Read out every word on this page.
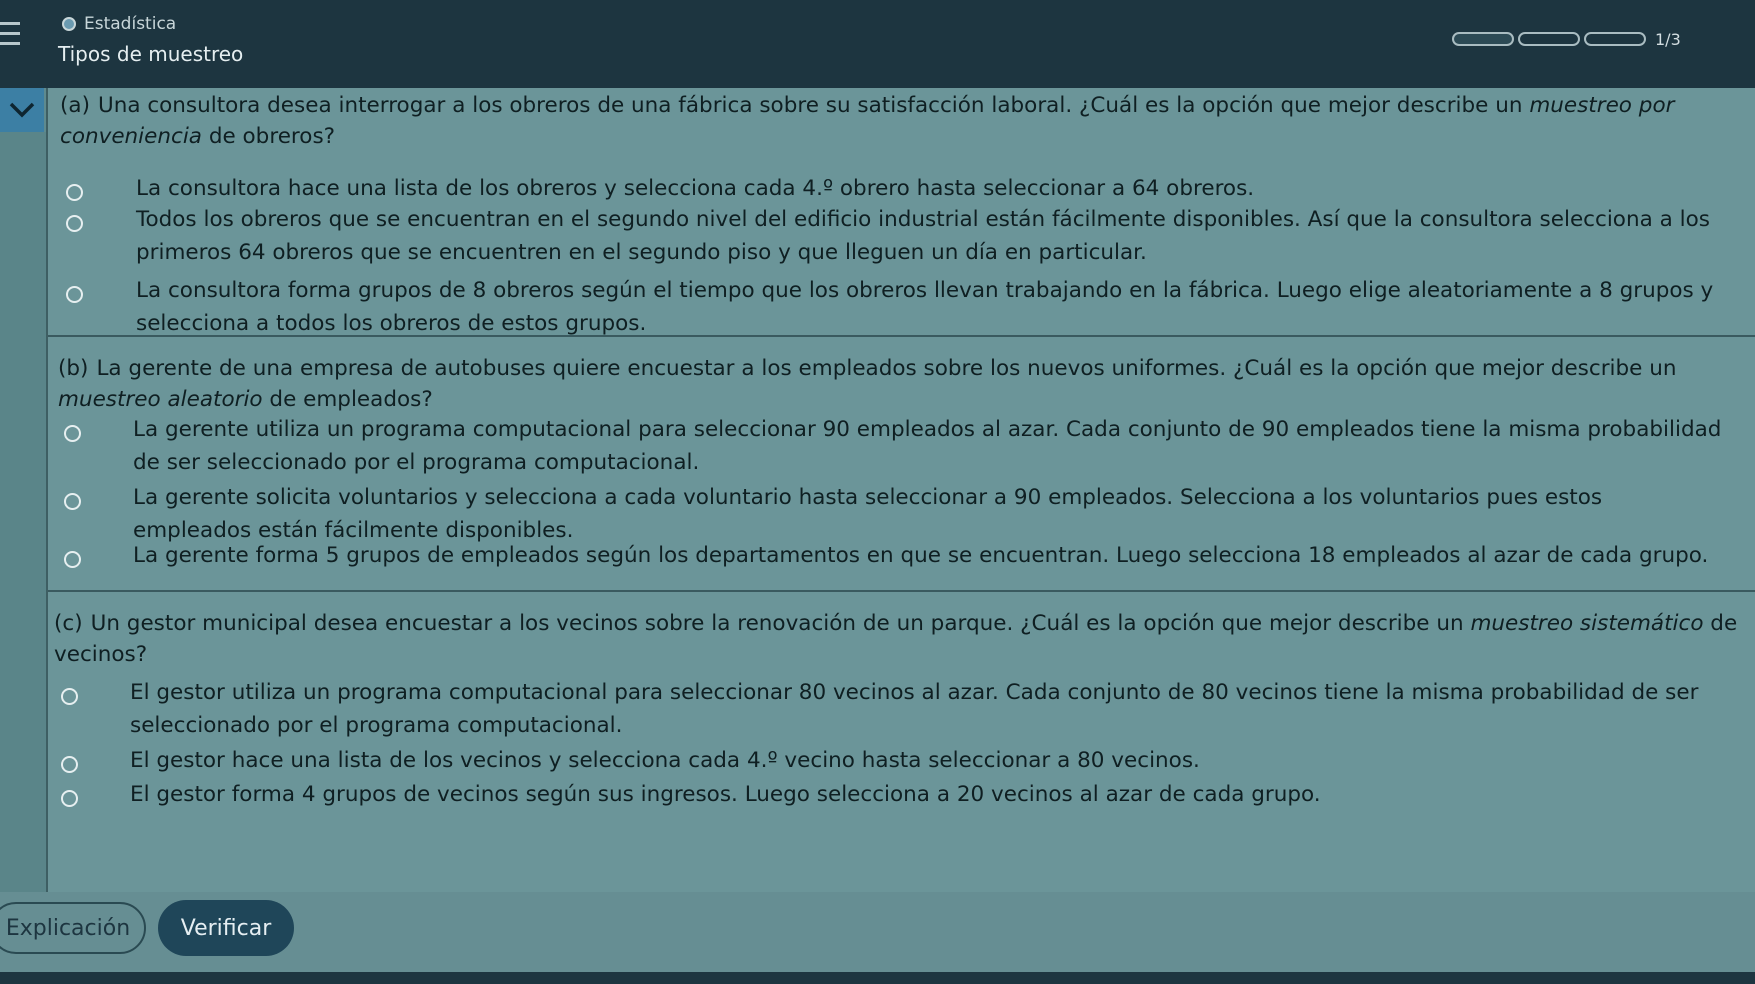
Estadística
Tipos de muestreo
1/3
(a) Una consultora desea interrogar a los obreros de una fábrica sobre su satisfacción laboral. ¿Cuál es la opción que mejor describe un muestreo por conveniencia de obreros?
La consultora hace una lista de los obreros y selecciona cada 4.º obrero hasta seleccionar a 64 obreros.
Todos los obreros que se encuentran en el segundo nivel del edificio industrial están fácilmente disponibles. Así que la consultora selecciona a los
primeros 64 obreros que se encuentren en el segundo piso y que lleguen un día en particular.
La consultora forma grupos de 8 obreros según el tiempo que los obreros llevan trabajando en la fábrica. Luego elige aleatoriamente a 8 grupos y
selecciona a todos los obreros de estos grupos.
(b) La gerente de una empresa de autobuses quiere encuestar a los empleados sobre los nuevos uniformes. ¿Cuál es la opción que mejor describe un muestreo aleatorio de empleados?
La gerente utiliza un programa computacional para seleccionar 90 empleados al azar. Cada conjunto de 90 empleados tiene la misma probabilidad
de ser seleccionado por el programa computacional.
La gerente solicita voluntarios y selecciona a cada voluntario hasta seleccionar a 90 empleados. Selecciona a los voluntarios pues estos
empleados están fácilmente disponibles.
La gerente forma 5 grupos de empleados según los departamentos en que se encuentran. Luego selecciona 18 empleados al azar de cada grupo.
(c) Un gestor municipal desea encuestar a los vecinos sobre la renovación de un parque. ¿Cuál es la opción que mejor describe un muestreo sistemático de vecinos?
El gestor utiliza un programa computacional para seleccionar 80 vecinos al azar. Cada conjunto de 80 vecinos tiene la misma probabilidad de ser
seleccionado por el programa computacional.
El gestor hace una lista de los vecinos y selecciona cada 4.º vecino hasta seleccionar a 80 vecinos.
El gestor forma 4 grupos de vecinos según sus ingresos. Luego selecciona a 20 vecinos al azar de cada grupo.
Explicación	Verificar
